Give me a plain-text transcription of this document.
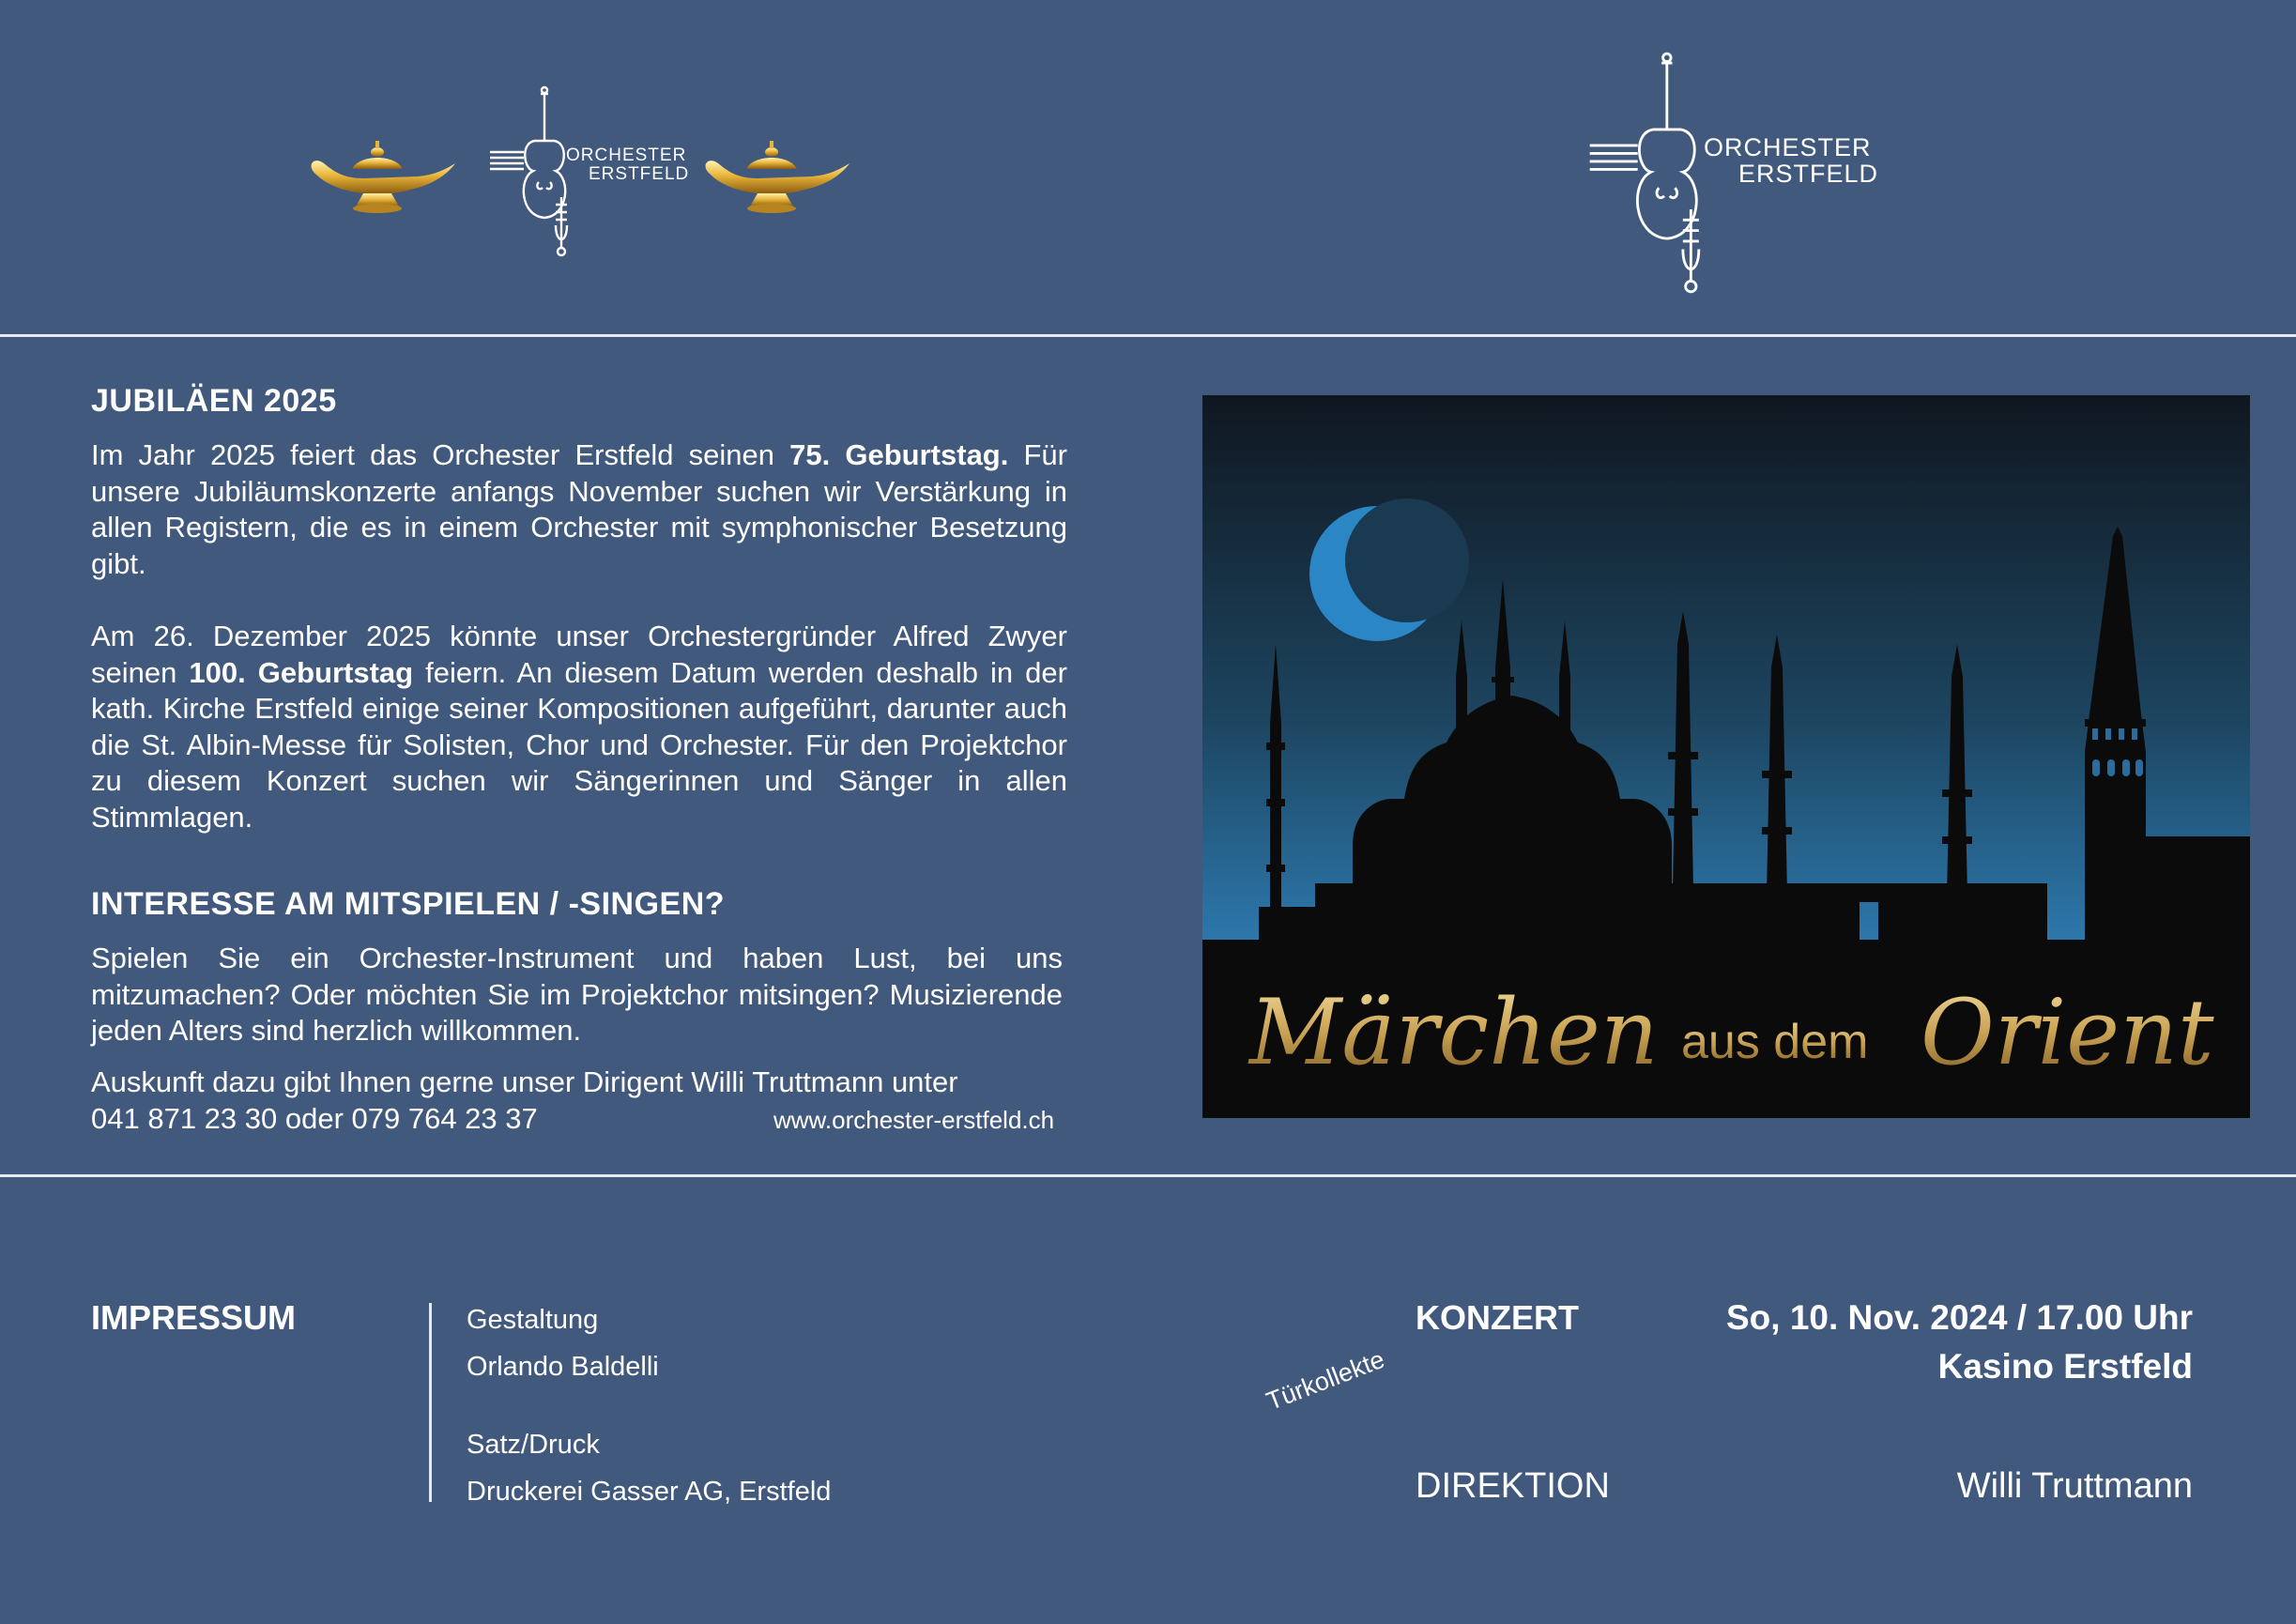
ORCHESTER
ERSTFELD
ORCHESTER
ERSTFELD
JUBILÄEN 2025

Im Jahr 2025 feiert das Orchester Erstfeld seinen 75. Geburtstag. Für unsere Jubiläumskonzerte anfangs November suchen wir Verstärkung in allen Registern, die es in einem Orchester mit symphonischer Besetzung gibt.

Am 26. Dezember 2025 könnte unser Orchestergründer Alfred Zwyer seinen 100. Geburtstag feiern. An diesem Datum werden deshalb in der kath. Kirche Erstfeld einige seiner Kompositionen aufgeführt, darunter auch die St. Albin-Messe für Solisten, Chor und Orchester. Für den Projektchor zu diesem Konzert suchen wir Sängerinnen und Sänger in allen Stimmlagen.

INTERESSE AM MITSPIELEN / -SINGEN?

Spielen Sie ein Orchester-Instrument und haben Lust, bei uns mitzumachen? Oder möchten Sie im Projektchor mitsingen? Musizierende jeden Alters sind herzlich willkommen.

Auskunft dazu gibt Ihnen gerne unser Dirigent Willi Truttmann unter
041 871 23 30 oder 079 764 23 37	www.orchester-erstfeld.ch
Märchen aus dem Orient
IMPRESSUM	Gestaltung
Orlando Baldelli
Satz/Druck
Druckerei Gasser AG, Erstfeld
Türkollekte
KONZERT	So, 10. Nov. 2024 / 17.00 Uhr
Kasino Erstfeld
DIREKTION	Willi Truttmann
